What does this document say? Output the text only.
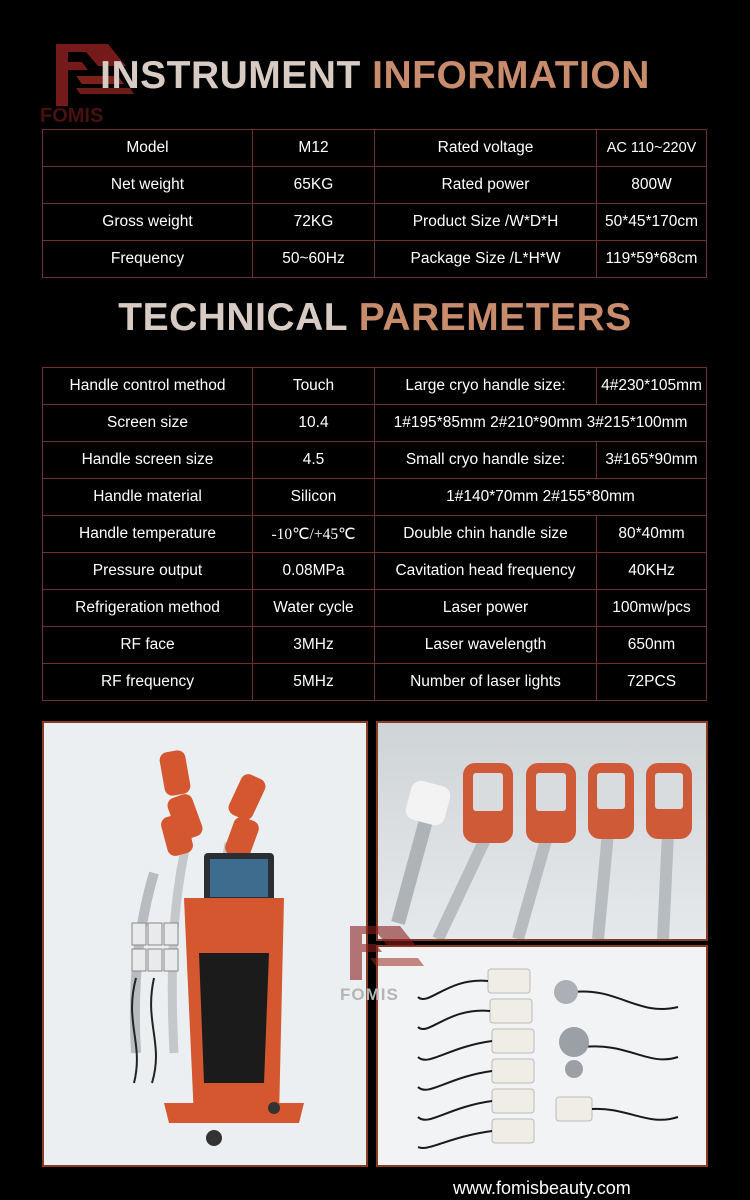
FOMIS
INSTRUMENT INFORMATION
Model	M12	Rated voltage	AC 110~220V
Net weight	65KG	Rated power	800W
Gross weight	72KG	Product Size /W*D*H	50*45*170cm
Frequency	50~60Hz	Package Size /L*H*W	119*59*68cm
TECHNICAL PAREMETERS
Handle control method	Touch	Large cryo handle size:	4#230*105mm
Screen size	10.4	1#195*85mm 2#210*90mm 3#215*100mm	
Handle screen size	4.5	Small cryo handle size:	3#165*90mm
Handle material	Silicon	1#140*70mm 2#155*80mm	
Handle temperature	-10℃/+45℃	Double chin handle size	80*40mm
Pressure output	0.08MPa	Cavitation head frequency	40KHz
Refrigeration method	Water cycle	Laser power	100mw/pcs
RF face	3MHz	Laser wavelength	650nm
RF frequency	5MHz	Number of laser lights	72PCS
FOMIS
www.fomisbeauty.com
